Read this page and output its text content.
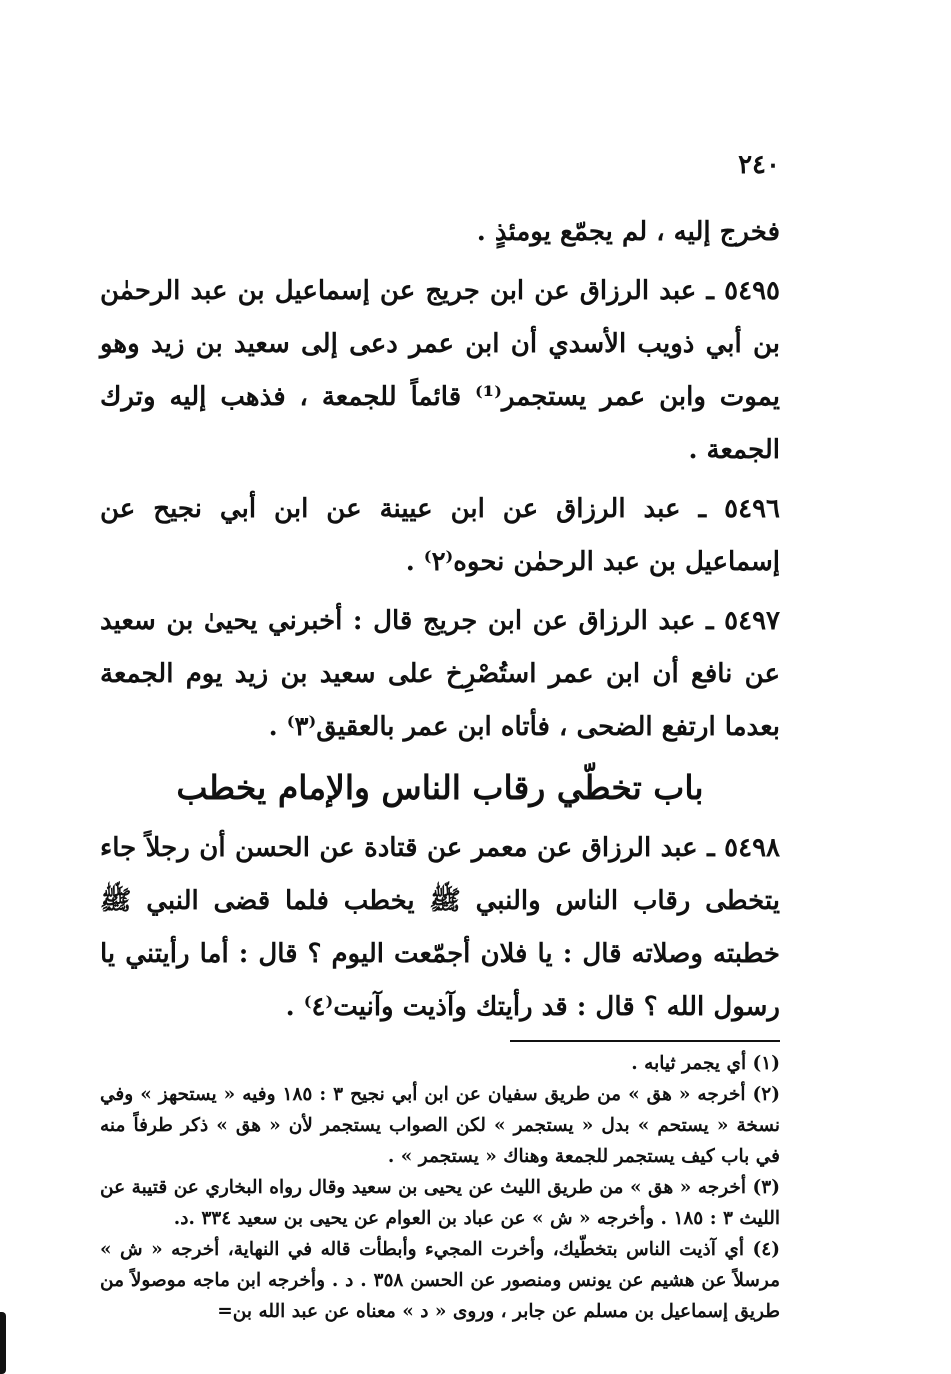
٢٤٠

فخرج إليه ، لم يجمّع يومئذٍ .

٥٤٩٥ ـ عبد الرزاق عن ابن جريج عن إسماعيل بن عبد الرحمٰن بن أبي ذويب الأسدي أن ابن عمر دعى إلى سعيد بن زيد وهو يموت وابن عمر يستجمر⁽¹⁾ قائماً للجمعة ، فذهب إليه وترك الجمعة .

٥٤٩٦ ـ عبد الرزاق عن ابن عيينة عن ابن أبي نجيح عن إسماعيل بن عبد الرحمٰن نحوه⁽٢⁾ .

٥٤٩٧ ـ عبد الرزاق عن ابن جريج قال : أخبرني يحيىٰ بن سعيد عن نافع أن ابن عمر استُصْرِخ على سعيد بن زيد يوم الجمعة بعدما ارتفع الضحى ، فأتاه ابن عمر بالعقيق⁽٣⁾ .

باب تخطّي رقاب الناس والإمام يخطب

٥٤٩٨ ـ عبد الرزاق عن معمر عن قتادة عن الحسن أن رجلاً جاء يتخطى رقاب الناس والنبي ﷺ يخطب فلما قضى النبي ﷺ خطبته وصلاته قال : يا فلان أجمّعت اليوم ؟ قال : أما رأيتني يا رسول الله ؟ قال : قد رأيتك وآذيت وآنيت⁽٤⁾ .

(١) أي يجمر ثيابه .

(٢) أخرجه « هق » من طريق سفيان عن ابن أبي نجيح ٣ : ١٨٥ وفيه « يستحهز » وفي نسخة « يستحم » بدل « يستجمر » لكن الصواب يستجمر لأن « هق » ذكر طرفاً منه في باب كيف يستجمر للجمعة وهناك « يستجمر » .

(٣) أخرجه « هق » من طريق الليث عن يحيى بن سعيد وقال رواه البخاري عن قتيبة عن الليث ٣ : ١٨٥ . وأخرجه « ش » عن عباد بن العوام عن يحيى بن سعيد ٣٣٤ .د.

(٤) أي آذيت الناس بتخطّيك، وأخرت المجيء وأبطأت قاله في النهاية، أخرجه « ش » مرسلاً عن هشيم عن يونس ومنصور عن الحسن ٣٥٨ . د . وأخرجه ابن ماجه موصولاً من طريق إسماعيل بن مسلم عن جابر ، وروى « د » معناه عن عبد الله بن=
